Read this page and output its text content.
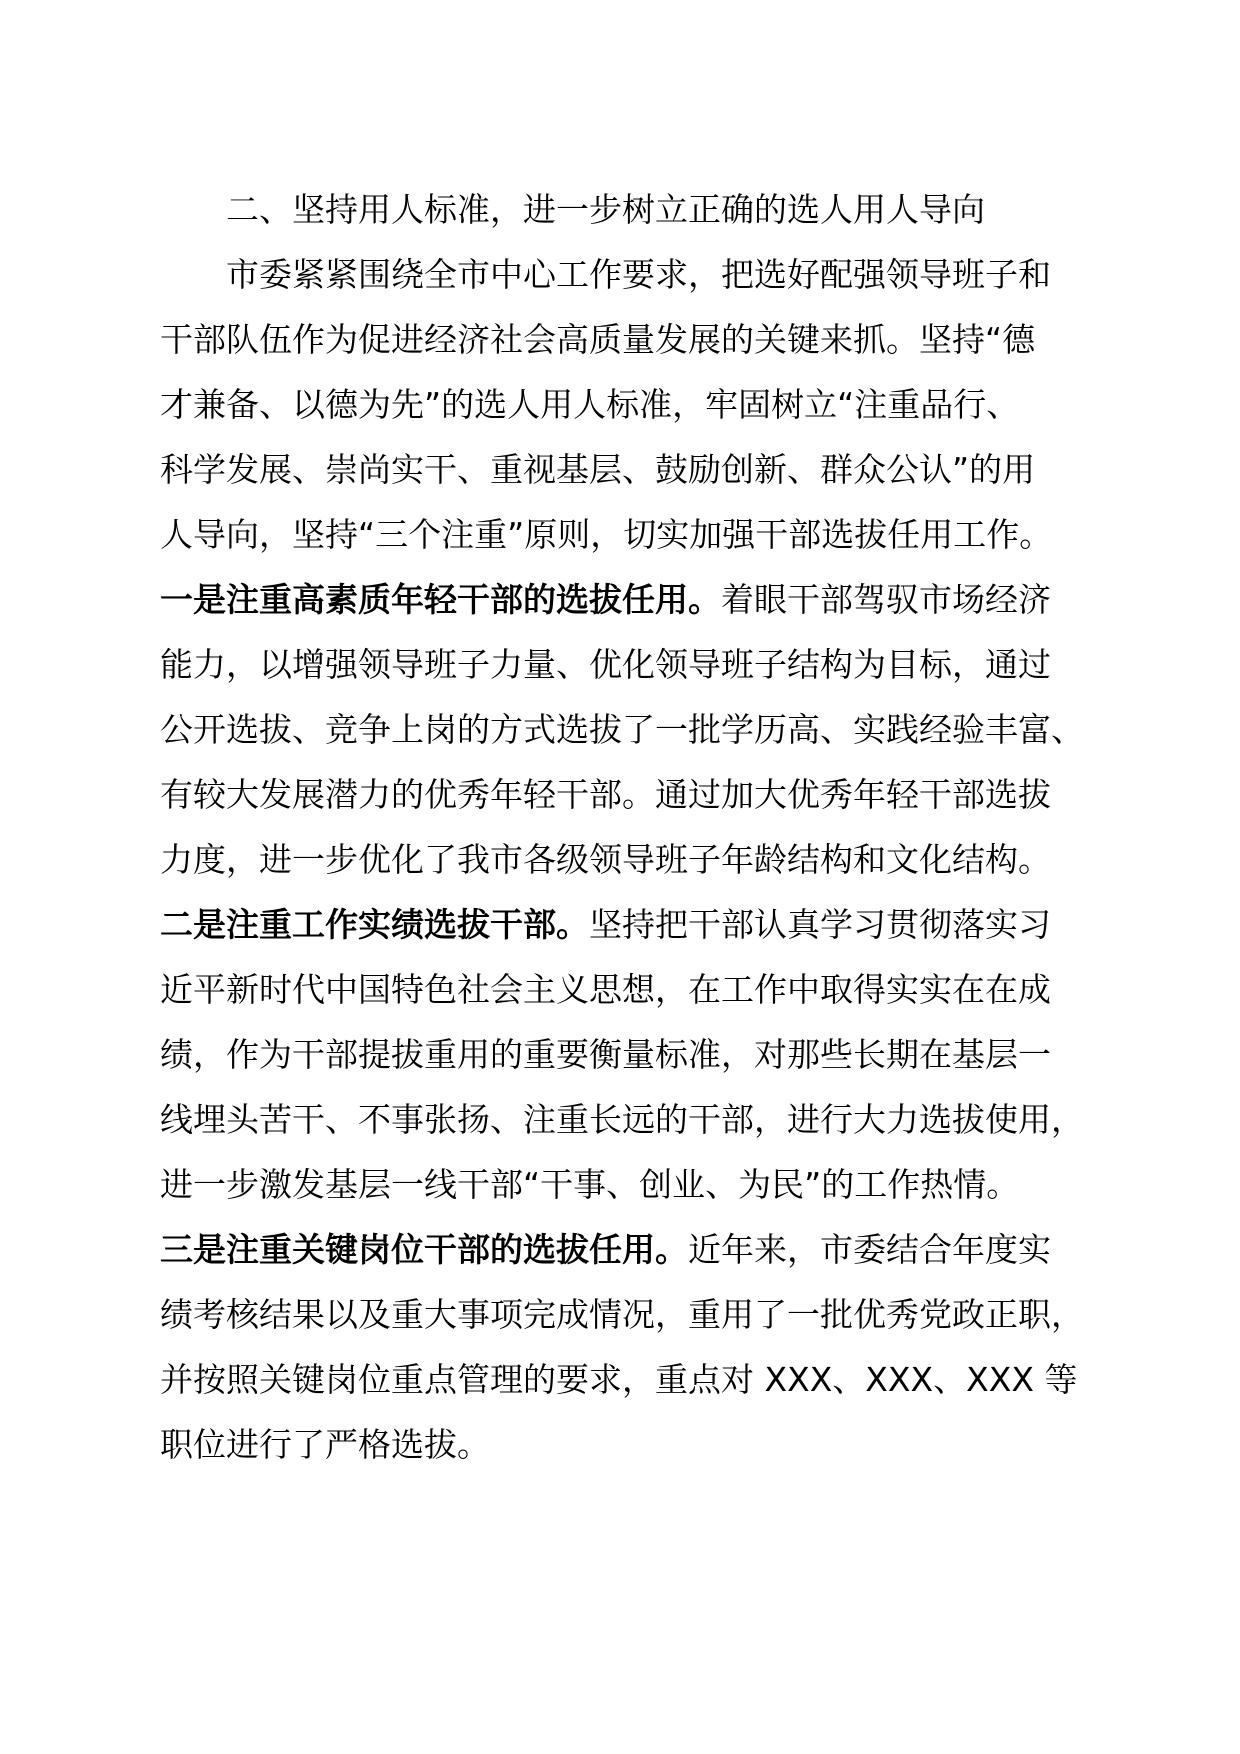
二、坚持用人标准，进一步树立正确的选人用人导向
市委紧紧围绕全市中心工作要求，把选好配强领导班子和
干部队伍作为促进经济社会高质量发展的关键来抓。坚持“德
才兼备、以德为先”的选人用人标准，牢固树立“注重品行、
科学发展、崇尚实干、重视基层、鼓励创新、群众公认”的用
人导向，坚持“三个注重”原则，切实加强干部选拔任用工作。
一是注重高素质年轻干部的选拔任用。着眼干部驾驭市场经济
能力，以增强领导班子力量、优化领导班子结构为目标，通过
公开选拔、竞争上岗的方式选拔了一批学历高、实践经验丰富、
有较大发展潜力的优秀年轻干部。通过加大优秀年轻干部选拔
力度，进一步优化了我市各级领导班子年龄结构和文化结构。
二是注重工作实绩选拔干部。坚持把干部认真学习贯彻落实习
近平新时代中国特色社会主义思想，在工作中取得实实在在成
绩，作为干部提拔重用的重要衡量标准，对那些长期在基层一
线埋头苦干、不事张扬、注重长远的干部，进行大力选拔使用，
进一步激发基层一线干部“干事、创业、为民”的工作热情。
三是注重关键岗位干部的选拔任用。近年来，市委结合年度实
绩考核结果以及重大事项完成情况，重用了一批优秀党政正职，
并按照关键岗位重点管理的要求，重点对 XXX、XXX、XXX 等
职位进行了严格选拔。
